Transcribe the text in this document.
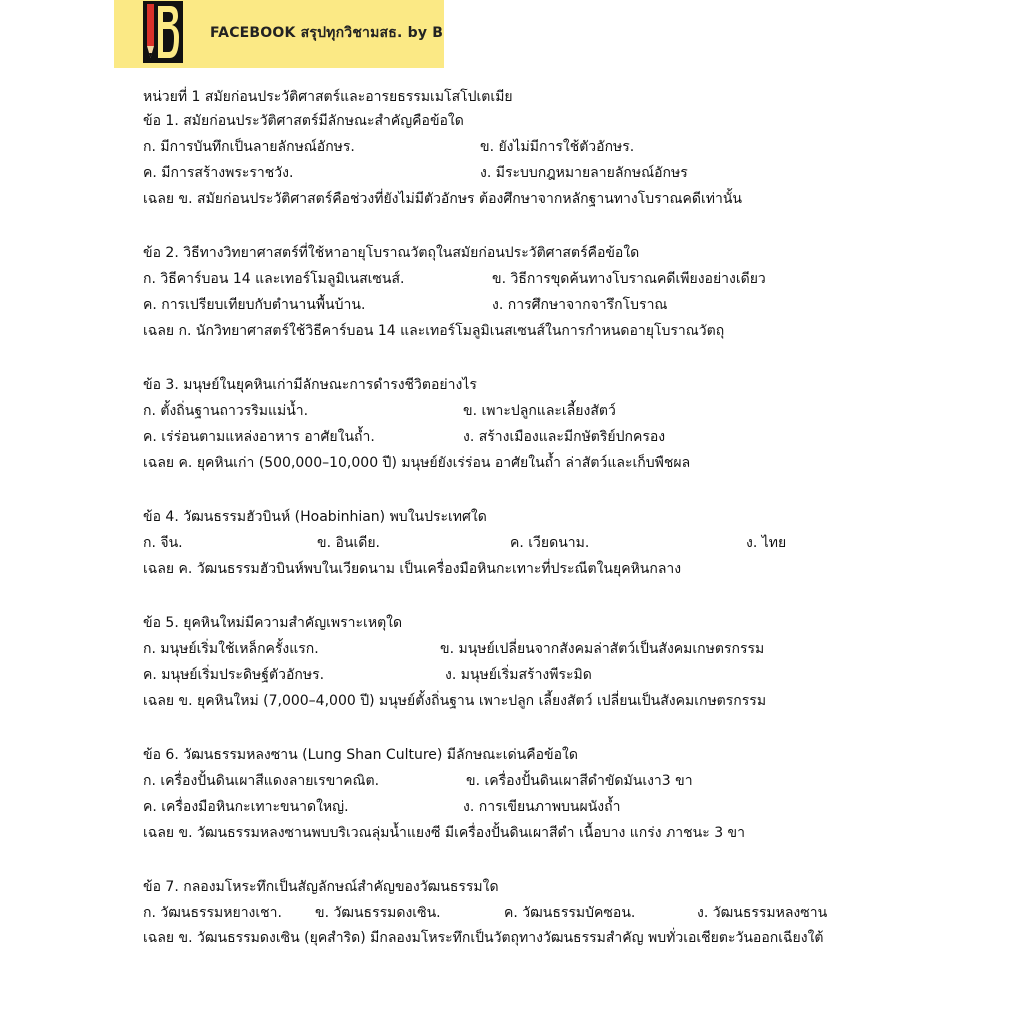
FACEBOOK สรุปทุกวิชามสธ. by B
หน่วยที่ 1 สมัยก่อนประวัติศาสตร์และอารยธรรมเมโสโปเตเมีย
ข้อ 1. สมัยก่อนประวัติศาสตร์มีลักษณะสำคัญคือข้อใด
ก. มีการบันทึกเป็นลายลักษณ์อักษร.	ข. ยังไม่มีการใช้ตัวอักษร.
ค. มีการสร้างพระราชวัง.	ง. มีระบบกฎหมายลายลักษณ์อักษร
เฉลย ข. สมัยก่อนประวัติศาสตร์คือช่วงที่ยังไม่มีตัวอักษร ต้องศึกษาจากหลักฐานทางโบราณคดีเท่านั้น
ข้อ 2. วิธีทางวิทยาศาสตร์ที่ใช้หาอายุโบราณวัตถุในสมัยก่อนประวัติศาสตร์คือข้อใด
ก. วิธีคาร์บอน 14 และเทอร์โมลูมิเนสเซนส์.	ข. วิธีการขุดค้นทางโบราณคดีเพียงอย่างเดียว
ค. การเปรียบเทียบกับตำนานพื้นบ้าน.	ง. การศึกษาจากจารึกโบราณ
เฉลย ก. นักวิทยาศาสตร์ใช้วิธีคาร์บอน 14 และเทอร์โมลูมิเนสเซนส์ในการกำหนดอายุโบราณวัตถุ
ข้อ 3. มนุษย์ในยุคหินเก่ามีลักษณะการดำรงชีวิตอย่างไร
ก. ตั้งถิ่นฐานถาวรริมแม่น้ำ.	ข. เพาะปลูกและเลี้ยงสัตว์
ค. เร่ร่อนตามแหล่งอาหาร อาศัยในถ้ำ.	ง. สร้างเมืองและมีกษัตริย์ปกครอง
เฉลย ค. ยุคหินเก่า (500,000–10,000 ปี) มนุษย์ยังเร่ร่อน อาศัยในถ้ำ ล่าสัตว์และเก็บพืชผล
ข้อ 4. วัฒนธรรมฮัวบินห์ (Hoabinhian) พบในประเทศใด
ก. จีน.	ข. อินเดีย.	ค. เวียดนาม.	ง. ไทย
เฉลย ค. วัฒนธรรมฮัวบินห์พบในเวียดนาม เป็นเครื่องมือหินกะเทาะที่ประณีตในยุคหินกลาง
ข้อ 5. ยุคหินใหม่มีความสำคัญเพราะเหตุใด
ก. มนุษย์เริ่มใช้เหล็กครั้งแรก.	ข. มนุษย์เปลี่ยนจากสังคมล่าสัตว์เป็นสังคมเกษตรกรรม
ค. มนุษย์เริ่มประดิษฐ์ตัวอักษร.	ง. มนุษย์เริ่มสร้างพีระมิด
เฉลย ข. ยุคหินใหม่ (7,000–4,000 ปี) มนุษย์ตั้งถิ่นฐาน เพาะปลูก เลี้ยงสัตว์ เปลี่ยนเป็นสังคมเกษตรกรรม
ข้อ 6. วัฒนธรรมหลงซาน (Lung Shan Culture) มีลักษณะเด่นคือข้อใด
ก. เครื่องปั้นดินเผาสีแดงลายเรขาคณิต.	ข. เครื่องปั้นดินเผาสีดำขัดมันเงา3 ขา
ค. เครื่องมือหินกะเทาะขนาดใหญ่.	ง. การเขียนภาพบนผนังถ้ำ
เฉลย ข. วัฒนธรรมหลงซานพบบริเวณลุ่มน้ำแยงซี มีเครื่องปั้นดินเผาสีดำ เนื้อบาง แกร่ง ภาชนะ 3 ขา
ข้อ 7. กลองมโหระทึกเป็นสัญลักษณ์สำคัญของวัฒนธรรมใด
ก. วัฒนธรรมหยางเชา. ข. วัฒนธรรมดงเซิน.	ค. วัฒนธรรมบัคซอน.	ง. วัฒนธรรมหลงซาน
เฉลย ข. วัฒนธรรมดงเซิน (ยุคสำริด) มีกลองมโหระทึกเป็นวัตถุทางวัฒนธรรมสำคัญ พบทั่วเอเชียตะวันออกเฉียงใต้
